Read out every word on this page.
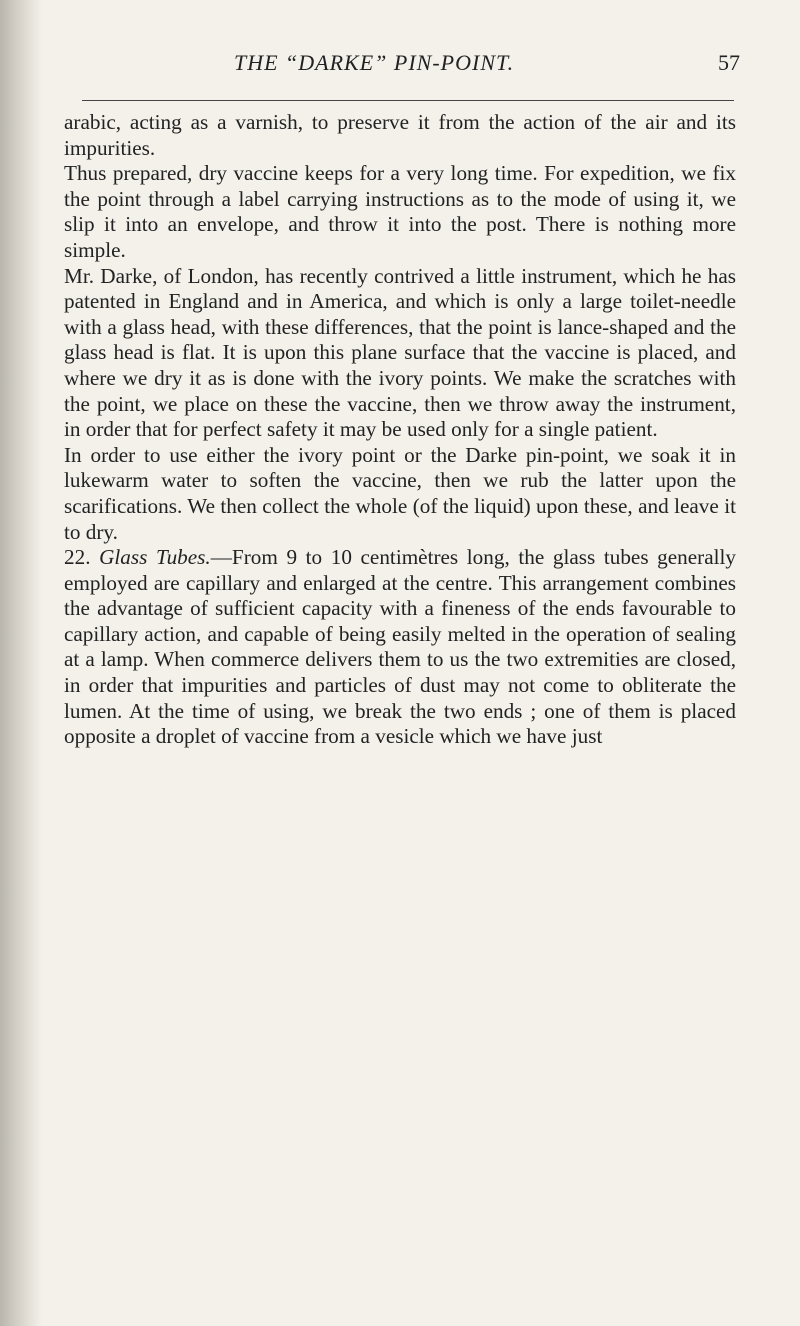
THE “DARKE” PIN-POINT.	57

arabic, acting as a varnish, to preserve it from the action of the air and its impurities.

Thus prepared, dry vaccine keeps for a very long time. For expedition, we fix the point through a label carrying instructions as to the mode of using it, we slip it into an envelope, and throw it into the post. There is nothing more simple.

Mr. Darke, of London, has recently contrived a little instrument, which he has patented in England and in America, and which is only a large toilet-needle with a glass head, with these differences, that the point is lance-shaped and the glass head is flat. It is upon this plane surface that the vaccine is placed, and where we dry it as is done with the ivory points. We make the scratches with the point, we place on these the vaccine, then we throw away the instrument, in order that for perfect safety it may be used only for a single patient.

In order to use either the ivory point or the Darke pin-point, we soak it in lukewarm water to soften the vaccine, then we rub the latter upon the scarifications. We then collect the whole (of the liquid) upon these, and leave it to dry.

22. Glass Tubes.—From 9 to 10 centimètres long, the glass tubes generally employed are capillary and enlarged at the centre. This arrangement combines the advantage of sufficient capacity with a fineness of the ends favourable to capillary action, and capable of being easily melted in the operation of sealing at a lamp. When commerce delivers them to us the two extremities are closed, in order that impurities and particles of dust may not come to obliterate the lumen. At the time of using, we break the two ends ; one of them is placed opposite a droplet of vaccine from a vesicle which we have just
